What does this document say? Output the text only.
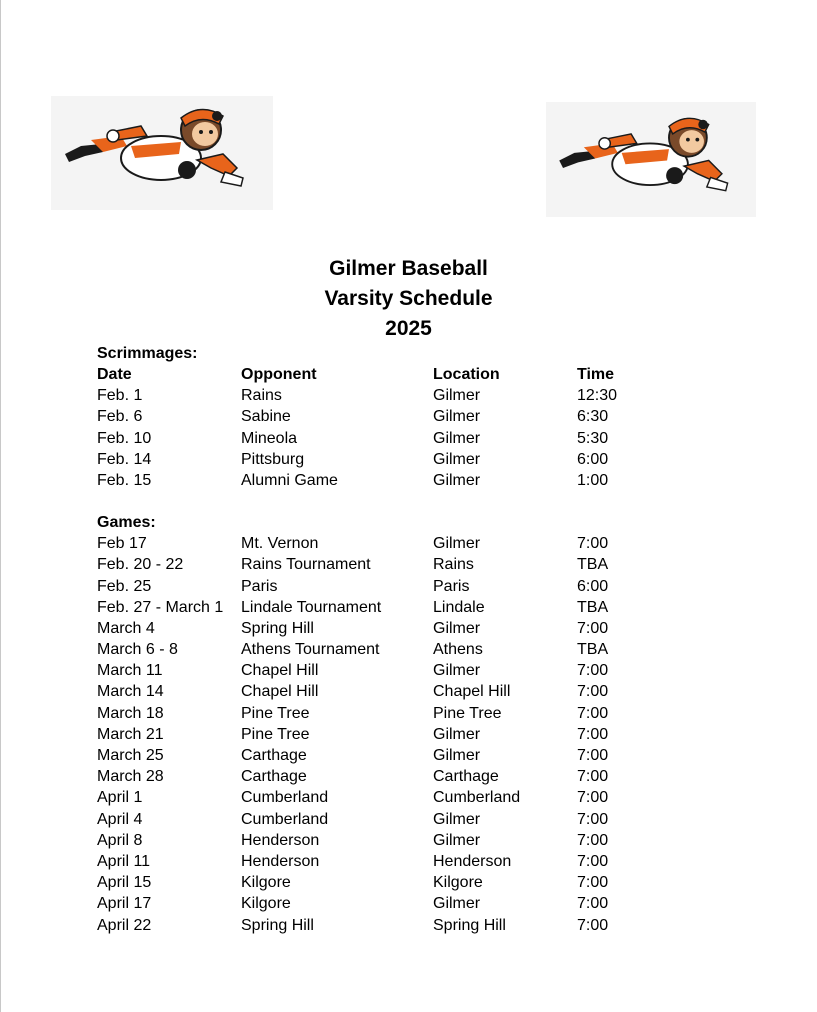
Gilmer Baseball
Varsity Schedule
2025
Scrimmages:
Date	Opponent	Location	Time
Feb. 1	Rains	Gilmer	12:30
Feb. 6	Sabine	Gilmer	6:30
Feb. 10	Mineola	Gilmer	5:30
Feb. 14	Pittsburg	Gilmer	6:00
Feb. 15	Alumni Game	Gilmer	1:00
Games:
Feb 17	Mt. Vernon	Gilmer	7:00
Feb. 20 - 22	Rains Tournament	Rains	TBA
Feb. 25	Paris	Paris	6:00
Feb. 27 - March 1	Lindale Tournament	Lindale	TBA
March 4	Spring Hill	Gilmer	7:00
March 6 - 8	Athens Tournament	Athens	TBA
March 11	Chapel Hill	Gilmer	7:00
March 14	Chapel Hill	Chapel Hill	7:00
March 18	Pine Tree	Pine Tree	7:00
March 21	Pine Tree	Gilmer	7:00
March 25	Carthage	Gilmer	7:00
March 28	Carthage	Carthage	7:00
April 1	Cumberland	Cumberland	7:00
April 4	Cumberland	Gilmer	7:00
April 8	Henderson	Gilmer	7:00
April 11	Henderson	Henderson	7:00
April 15	Kilgore	Kilgore	7:00
April 17	Kilgore	Gilmer	7:00
April 22	Spring Hill	Spring Hill	7:00
